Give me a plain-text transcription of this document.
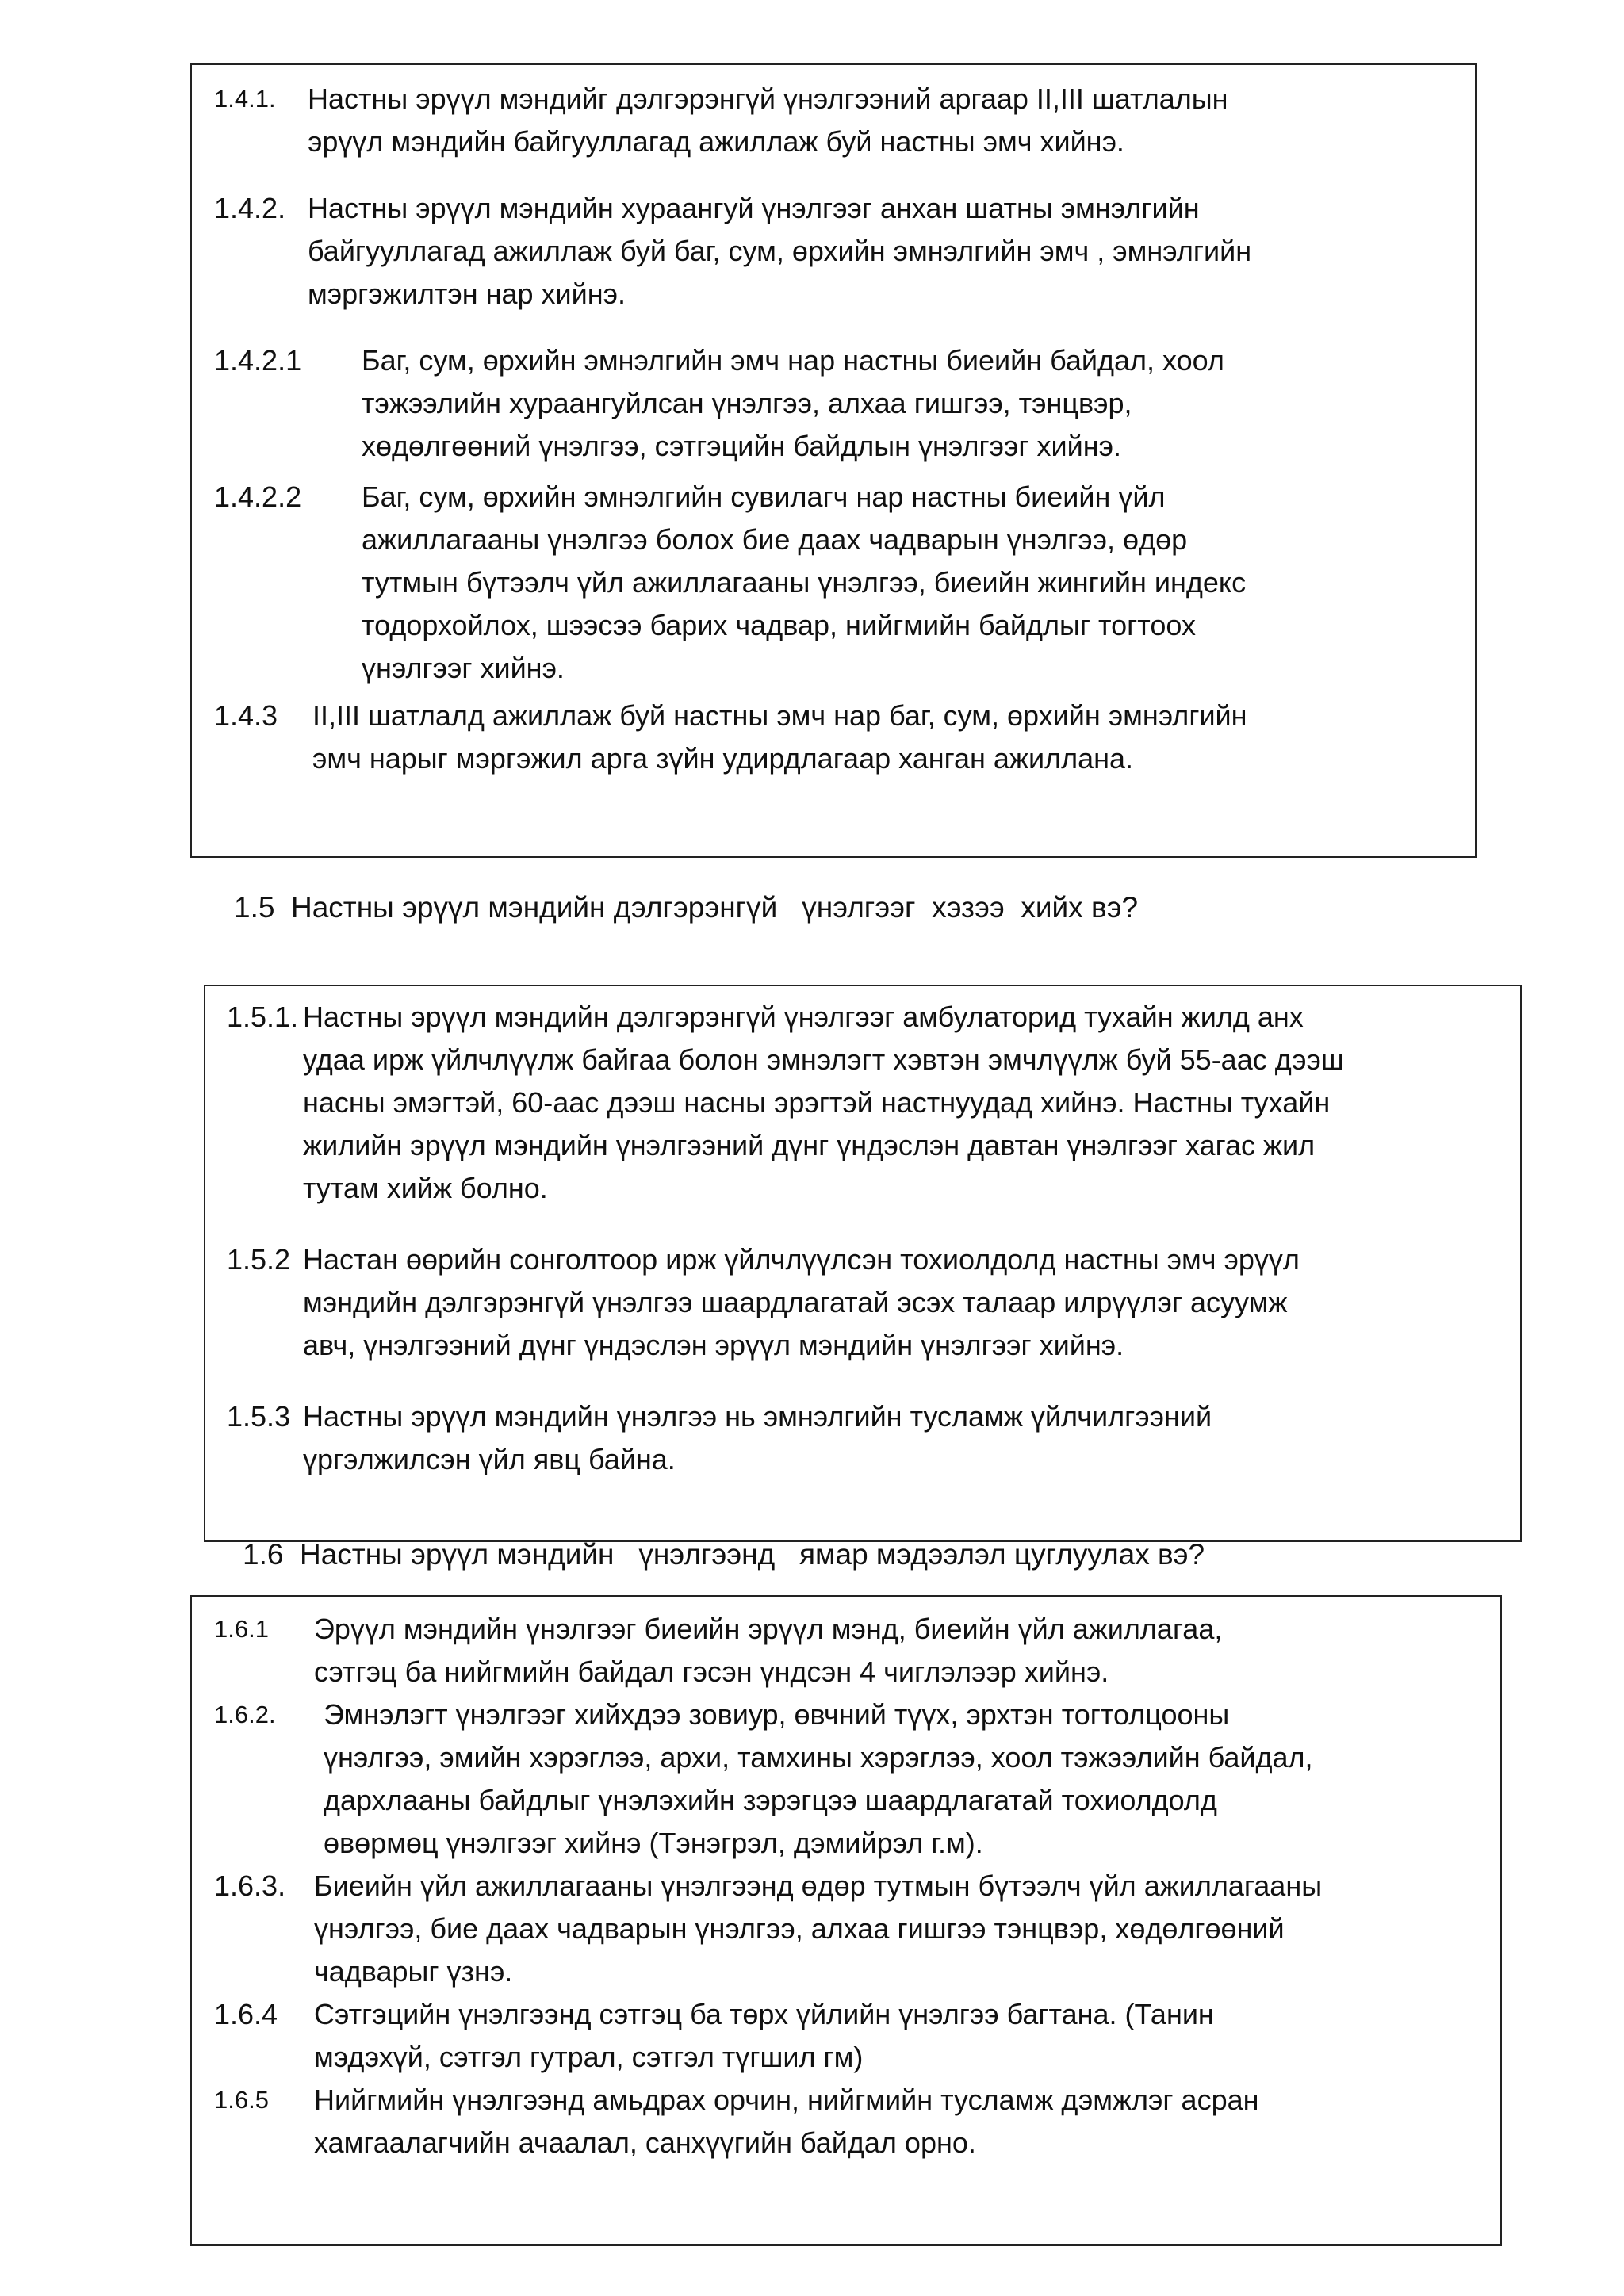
1.4.1.	Настны эрүүл мэндийг дэлгэрэнгүй үнэлгээний аргаар II,III шатлалын
эрүүл мэндийн байгууллагад ажиллаж буй настны эмч хийнэ.
1.4.2. Настны эрүүл мэндийн хураангуй үнэлгээг анхан шатны эмнэлгийн
байгууллагад ажиллаж буй баг, сум, өрхийн эмнэлгийн эмч , эмнэлгийн
мэргэжилтэн нар хийнэ.
1.4.2.1	Баг, сум, өрхийн эмнэлгийн эмч нар настны биеийн байдал, хоол
тэжээлийн хураангуйлсан үнэлгээ, алхаа гишгээ, тэнцвэр,
хөдөлгөөний үнэлгээ, сэтгэцийн байдлын үнэлгээг хийнэ.
1.4.2.2	Баг, сум, өрхийн эмнэлгийн сувилагч нар настны биеийн үйл
ажиллагааны үнэлгээ болох бие даах чадварын үнэлгээ, өдөр
тутмын бүтээлч үйл ажиллагааны үнэлгээ, биеийн жингийн индекс
тодорхойлох, шээсээ барих чадвар, нийгмийн байдлыг тогтоох
үнэлгээг хийнэ.
1.4.3	II,III шатлалд ажиллаж буй настны эмч нар баг, сум, өрхийн эмнэлгийн
эмч нарыг мэргэжил арга зүйн удирдлагаар ханган ажиллана.
1.5  Настны эрүүл мэндийн дэлгэрэнгүй   үнэлгээг  хэзээ  хийх вэ?
1.5.1. Настны эрүүл мэндийн дэлгэрэнгүй үнэлгээг амбулаторид тухайн жилд анх
удаа ирж үйлчлүүлж байгаа болон эмнэлэгт хэвтэн эмчлүүлж буй 55-аас дээш
насны эмэгтэй, 60-аас дээш насны эрэгтэй настнуудад хийнэ. Настны тухайн
жилийн эрүүл мэндийн үнэлгээний дүнг үндэслэн давтан үнэлгээг хагас жил
тутам хийж болно.
1.5.2 Настан өөрийн сонголтоор ирж үйлчлүүлсэн тохиолдолд настны эмч эрүүл
мэндийн дэлгэрэнгүй үнэлгээ шаардлагатай эсэх талаар илрүүлэг асуумж
авч, үнэлгээний дүнг үндэслэн эрүүл мэндийн үнэлгээг хийнэ.
1.5.3 Настны эрүүл мэндийн үнэлгээ нь эмнэлгийн тусламж үйлчилгээний
үргэлжилсэн үйл явц байна.
1.6  Настны эрүүл мэндийн   үнэлгээнд   ямар мэдээлэл цуглуулах вэ?
1.6.1	Эрүүл мэндийн үнэлгээг биеийн эрүүл мэнд, биеийн үйл ажиллагаа,
сэтгэц ба нийгмийн байдал гэсэн үндсэн 4 чиглэлээр хийнэ.
1.6.2.	Эмнэлэгт үнэлгээг хийхдээ зовиур, өвчний түүх, эрхтэн тогтолцооны
үнэлгээ, эмийн хэрэглээ, архи, тамхины хэрэглээ, хоол тэжээлийн байдал,
дархлааны байдлыг үнэлэхийн зэрэгцээ шаардлагатай тохиолдолд
өвөрмөц үнэлгээг хийнэ (Тэнэгрэл, дэмийрэл г.м).
1.6.3. Биеийн үйл ажиллагааны үнэлгээнд өдөр тутмын бүтээлч үйл ажиллагааны
үнэлгээ, бие даах чадварын үнэлгээ, алхаа гишгээ тэнцвэр, хөдөлгөөний
чадварыг үзнэ.
1.6.4	Сэтгэцийн үнэлгээнд сэтгэц ба төрх үйлийн үнэлгээ багтана. (Танин
мэдэхүй, сэтгэл гутрал, сэтгэл түгшил гм)
1.6.5	Нийгмийн үнэлгээнд амьдрах орчин, нийгмийн тусламж дэмжлэг асран
хамгаалагчийн ачаалал, санхүүгийн байдал орно.
